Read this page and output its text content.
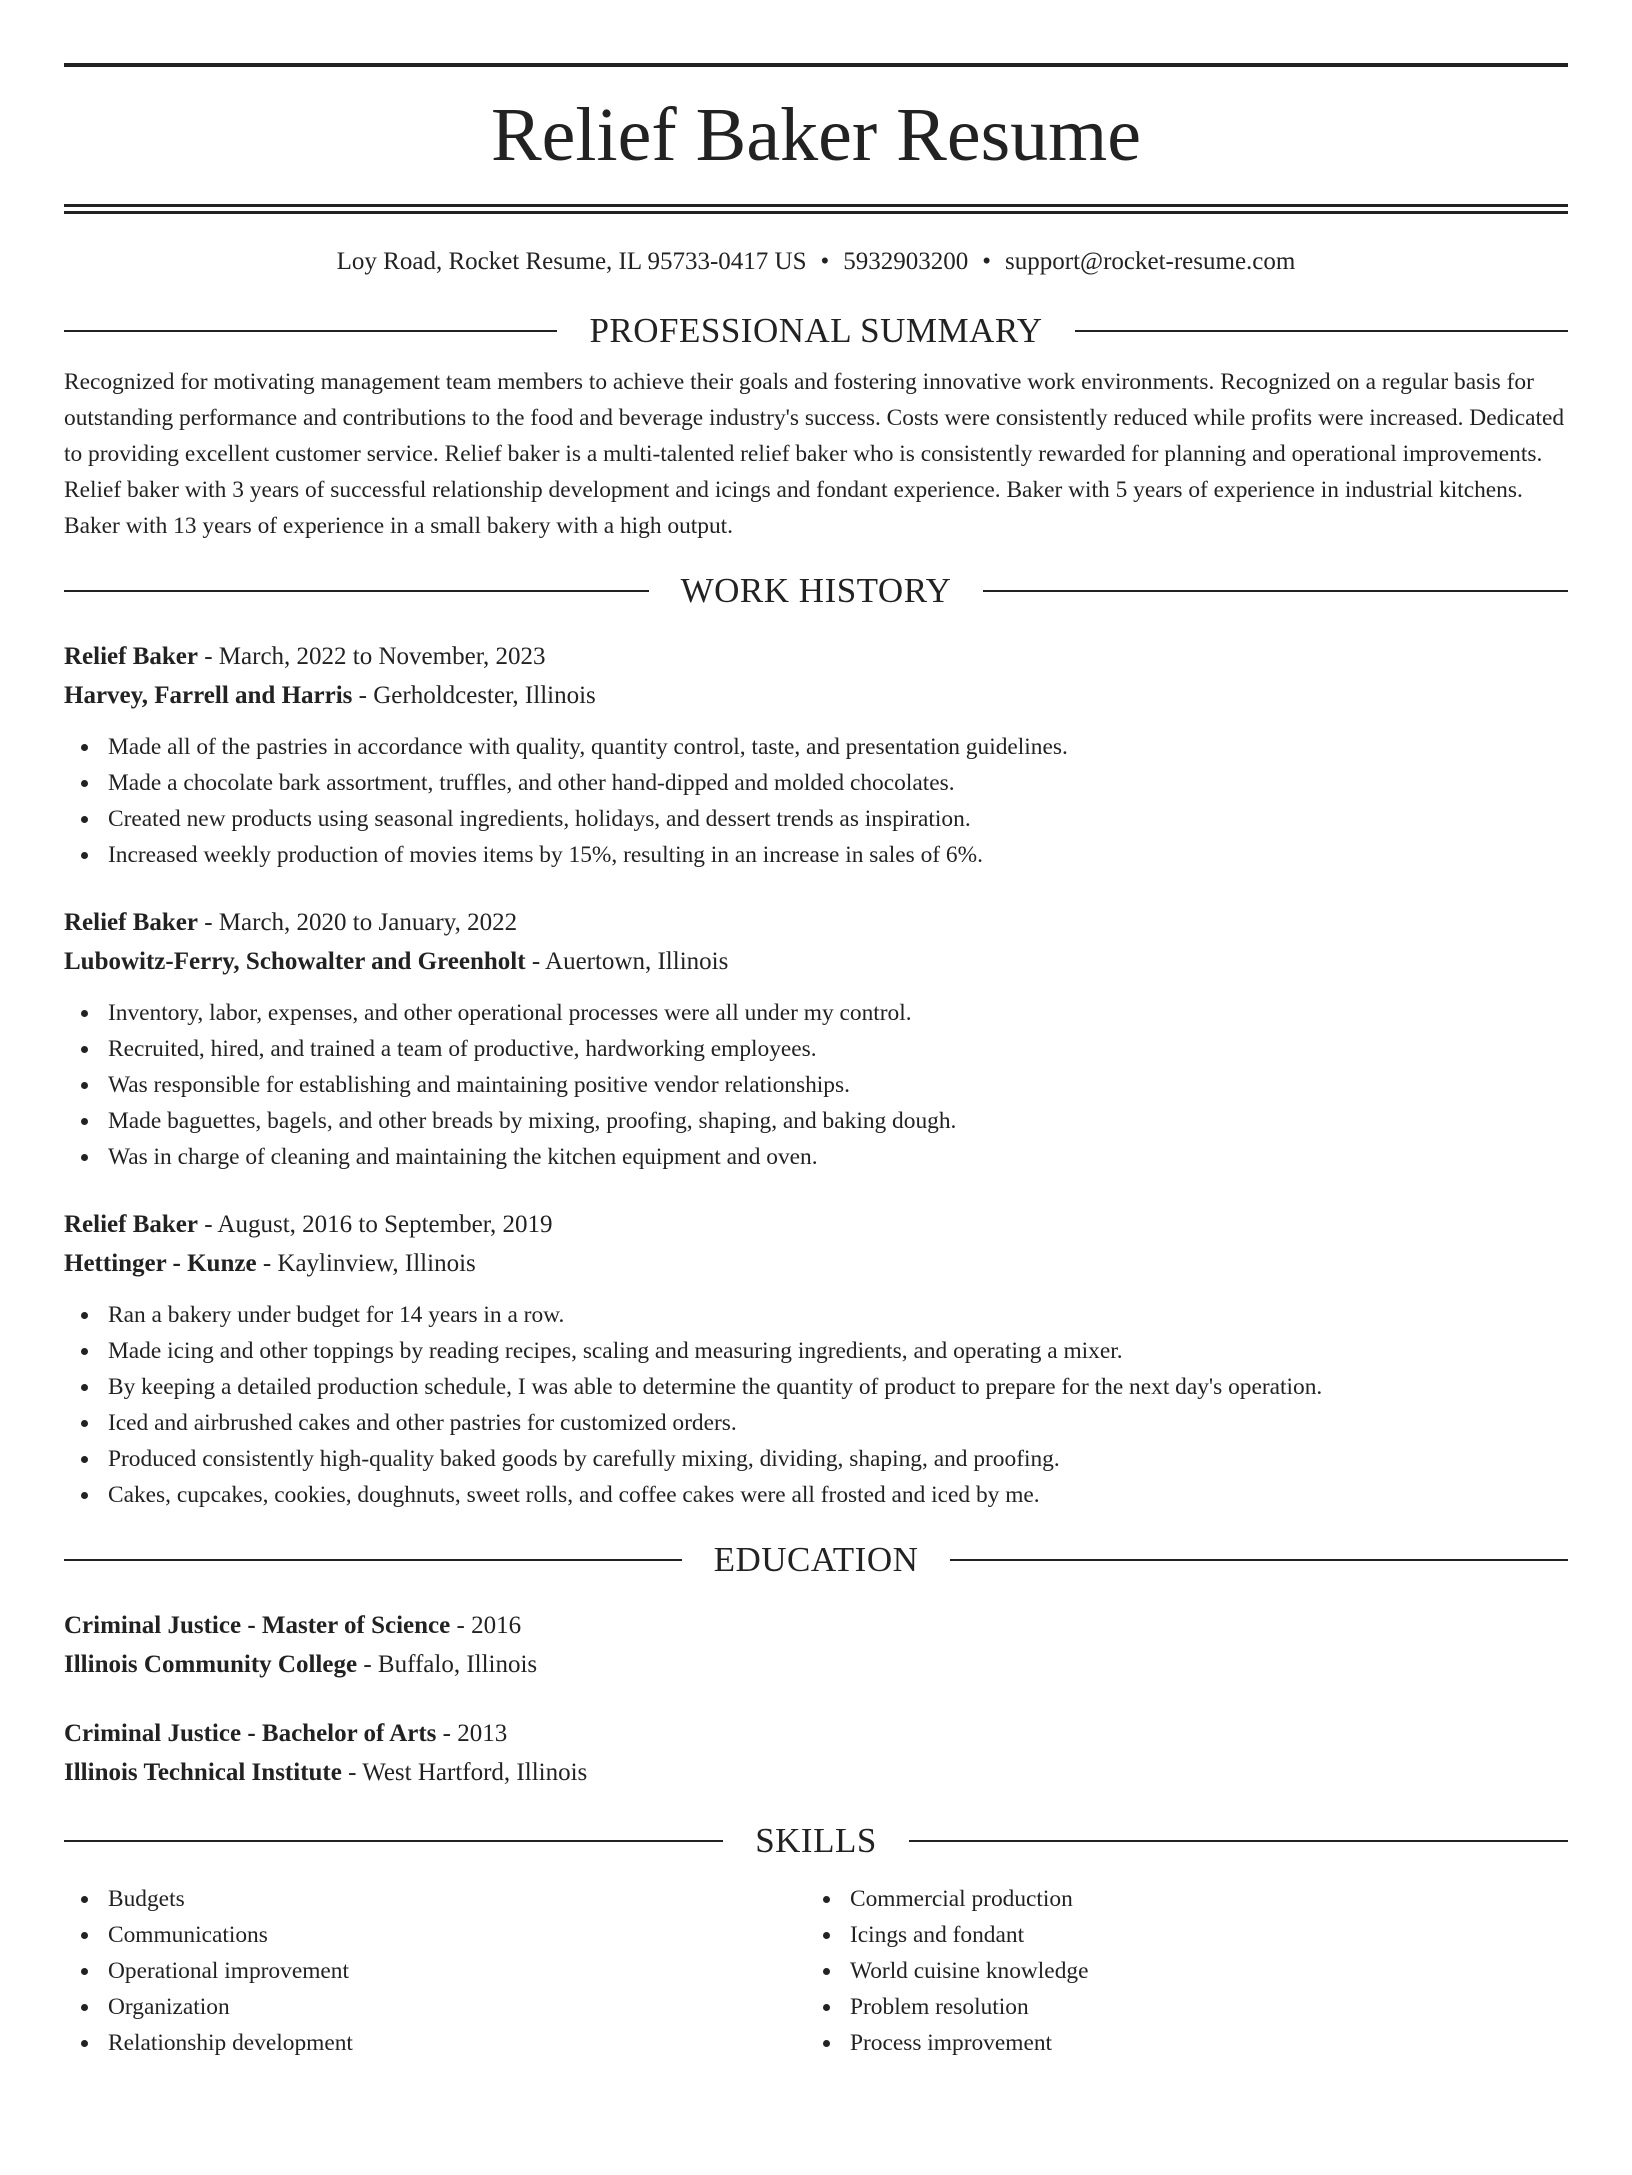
Relief Baker Resume
Loy Road, Rocket Resume, IL 95733-0417 US • 5932903200 • support@rocket-resume.com
PROFESSIONAL SUMMARY
Recognized for motivating management team members to achieve their goals and fostering innovative work environments. Recognized on a regular basis for outstanding performance and contributions to the food and beverage industry's success. Costs were consistently reduced while profits were increased. Dedicated to providing excellent customer service. Relief baker is a multi-talented relief baker who is consistently rewarded for planning and operational improvements. Relief baker with 3 years of successful relationship development and icings and fondant experience. Baker with 5 years of experience in industrial kitchens. Baker with 13 years of experience in a small bakery with a high output.
WORK HISTORY
Relief Baker - March, 2022 to November, 2023
Harvey, Farrell and Harris - Gerholdcester, Illinois
Made all of the pastries in accordance with quality, quantity control, taste, and presentation guidelines.
Made a chocolate bark assortment, truffles, and other hand-dipped and molded chocolates.
Created new products using seasonal ingredients, holidays, and dessert trends as inspiration.
Increased weekly production of movies items by 15%, resulting in an increase in sales of 6%.
Relief Baker - March, 2020 to January, 2022
Lubowitz-Ferry, Schowalter and Greenholt - Auertown, Illinois
Inventory, labor, expenses, and other operational processes were all under my control.
Recruited, hired, and trained a team of productive, hardworking employees.
Was responsible for establishing and maintaining positive vendor relationships.
Made baguettes, bagels, and other breads by mixing, proofing, shaping, and baking dough.
Was in charge of cleaning and maintaining the kitchen equipment and oven.
Relief Baker - August, 2016 to September, 2019
Hettinger - Kunze - Kaylinview, Illinois
Ran a bakery under budget for 14 years in a row.
Made icing and other toppings by reading recipes, scaling and measuring ingredients, and operating a mixer.
By keeping a detailed production schedule, I was able to determine the quantity of product to prepare for the next day's operation.
Iced and airbrushed cakes and other pastries for customized orders.
Produced consistently high-quality baked goods by carefully mixing, dividing, shaping, and proofing.
Cakes, cupcakes, cookies, doughnuts, sweet rolls, and coffee cakes were all frosted and iced by me.
EDUCATION
Criminal Justice - Master of Science - 2016
Illinois Community College - Buffalo, Illinois
Criminal Justice - Bachelor of Arts - 2013
Illinois Technical Institute - West Hartford, Illinois
SKILLS
Budgets
Communications
Operational improvement
Organization
Relationship development
Commercial production
Icings and fondant
World cuisine knowledge
Problem resolution
Process improvement
